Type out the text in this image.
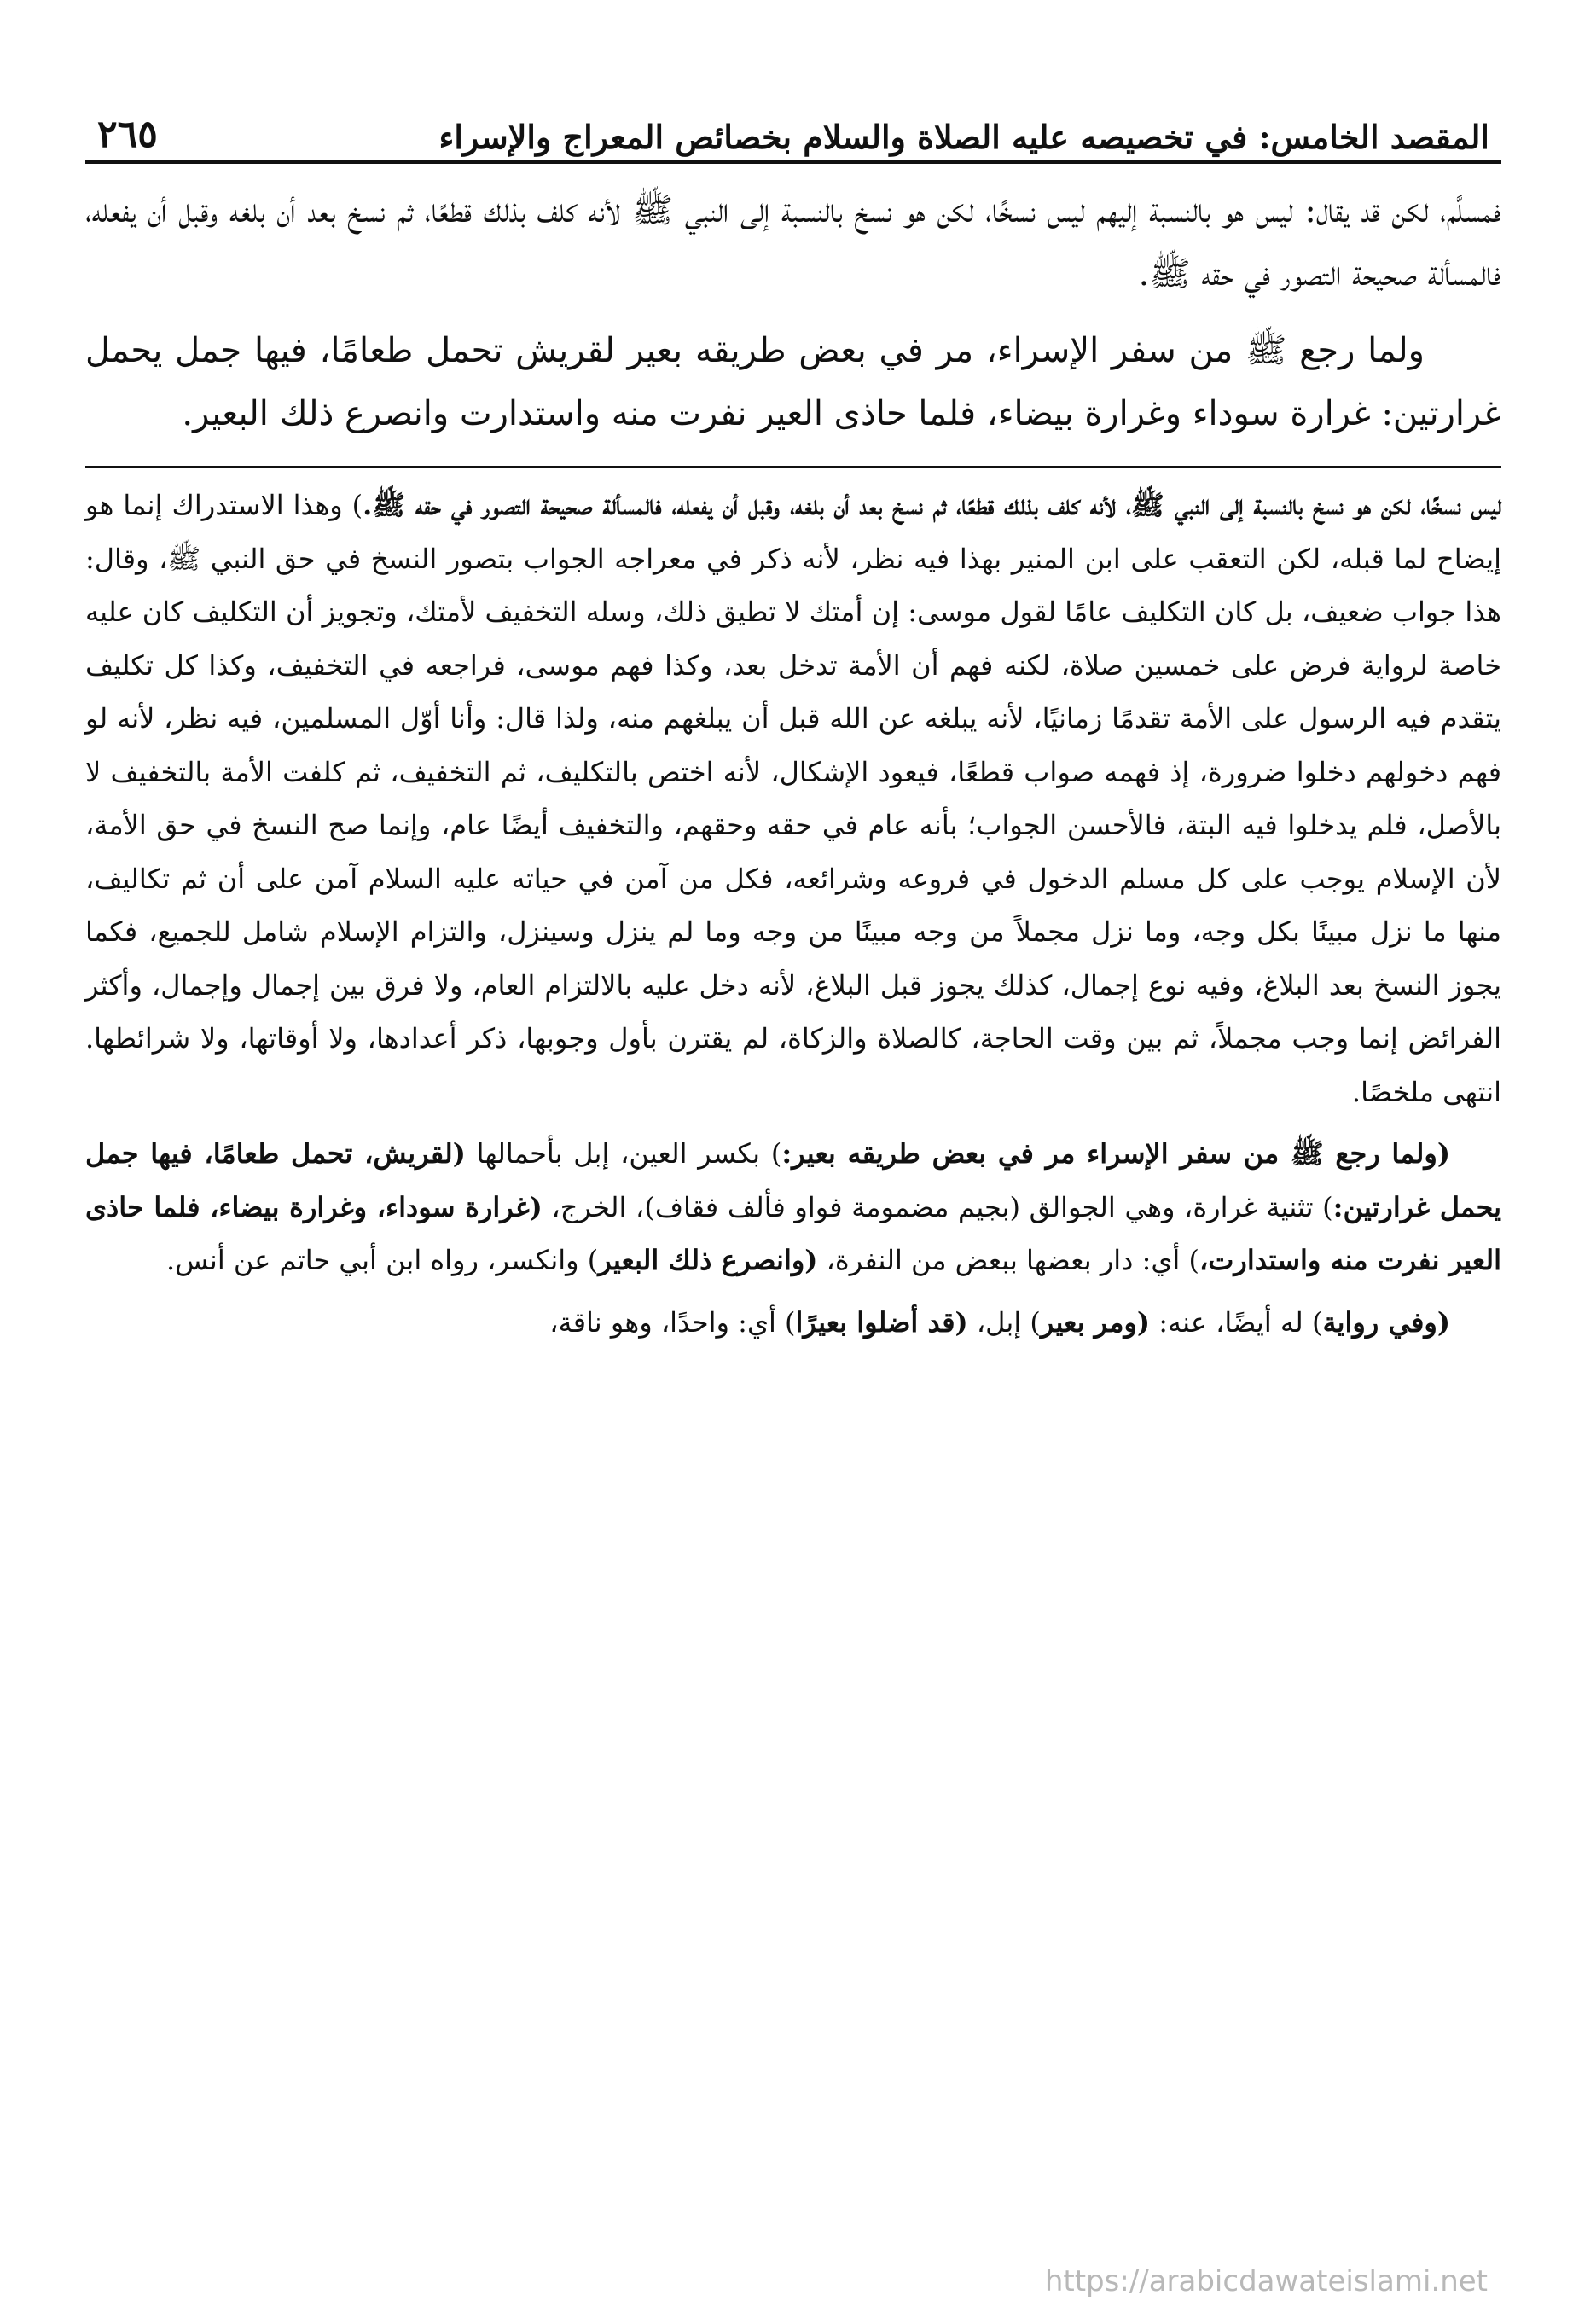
المقصد الخامس: في تخصيصه عليه الصلاة والسلام بخصائص المعراج والإسراء
٢٦٥

فمسلَّم، لكن قد يقال: ليس هو بالنسبة إليهم ليس نسخًا، لكن هو نسخ بالنسبة إلى النبي ﷺ لأنه كلف بذلك قطعًا، ثم نسخ بعد أن بلغه وقبل أن يفعله، فالمسألة صحيحة التصور في حقه ﷺ.

ولما رجع ﷺ من سفر الإسراء، مر في بعض طريقه بعير لقريش تحمل طعامًا، فيها جمل يحمل غرارتين: غرارة سوداء وغرارة بيضاء، فلما حاذى العير نفرت منه واستدارت وانصرع ذلك البعير.

ليس نسخًا، لكن هو نسخ بالنسبة إلى النبي ﷺ، لأنه كلف بذلك قطعًا، ثم نسخ بعد أن بلغه، وقبل أن يفعله، فالمسألة صحيحة التصور في حقه ﷺ.) وهذا الاستدراك إنما هو إيضاح لما قبله، لكن التعقب على ابن المنير بهذا فيه نظر، لأنه ذكر في معراجه الجواب بتصور النسخ في حق النبي ﷺ، وقال: هذا جواب ضعيف، بل كان التكليف عامًا لقول موسى: إن أمتك لا تطيق ذلك، وسله التخفيف لأمتك، وتجويز أن التكليف كان عليه خاصة لرواية فرض على خمسين صلاة، لكنه فهم أن الأمة تدخل بعد، وكذا فهم موسى، فراجعه في التخفيف، وكذا كل تكليف يتقدم فيه الرسول على الأمة تقدمًا زمانيًا، لأنه يبلغه عن الله قبل أن يبلغهم منه، ولذا قال: وأنا أوّل المسلمين، فيه نظر، لأنه لو فهم دخولهم دخلوا ضرورة، إذ فهمه صواب قطعًا، فيعود الإشكال، لأنه اختص بالتكليف، ثم التخفيف، ثم كلفت الأمة بالتخفيف لا بالأصل، فلم يدخلوا فيه البتة، فالأحسن الجواب؛ بأنه عام في حقه وحقهم، والتخفيف أيضًا عام، وإنما صح النسخ في حق الأمة، لأن الإسلام يوجب على كل مسلم الدخول في فروعه وشرائعه، فكل من آمن في حياته عليه السلام آمن على أن ثم تكاليف، منها ما نزل مبينًا بكل وجه، وما نزل مجملاً من وجه مبينًا من وجه وما لم ينزل وسينزل، والتزام الإسلام شامل للجميع، فكما يجوز النسخ بعد البلاغ، وفيه نوع إجمال، كذلك يجوز قبل البلاغ، لأنه دخل عليه بالالتزام العام، ولا فرق بين إجمال وإجمال، وأكثر الفرائض إنما وجب مجملاً، ثم بين وقت الحاجة، كالصلاة والزكاة، لم يقترن بأول وجوبها، ذكر أعدادها، ولا أوقاتها، ولا شرائطها. انتهى ملخصًا.

(ولما رجع ﷺ من سفر الإسراء مر في بعض طريقه بعير:) بكسر العين، إبل بأحمالها (لقريش، تحمل طعامًا، فيها جمل يحمل غرارتين:) تثنية غرارة، وهي الجوالق (بجيم مضمومة فواو فألف فقاف)، الخرج، (غرارة سوداء، وغرارة بيضاء، فلما حاذى العير نفرت منه واستدارت،) أي: دار بعضها ببعض من النفرة، (وانصرع ذلك البعير) وانكسر، رواه ابن أبي حاتم عن أنس.

(وفي رواية) له أيضًا، عنه: (ومر بعير) إبل، (قد أضلوا بعيرًا) أي: واحدًا، وهو ناقة،

https://arabicdawateislami.net
